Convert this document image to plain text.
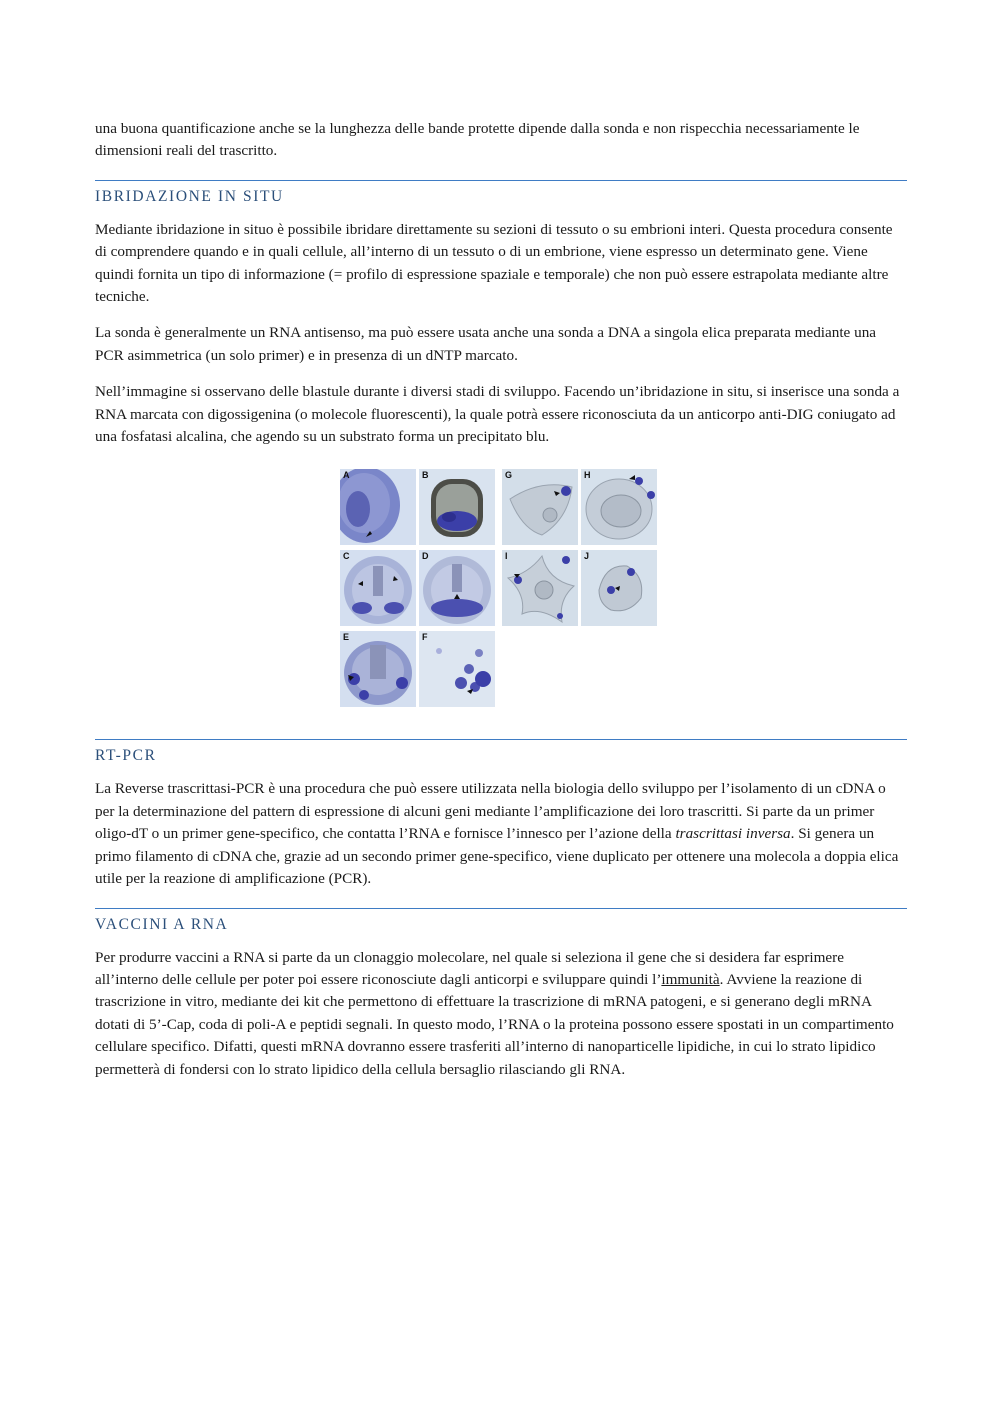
una buona quantificazione anche se la lunghezza delle bande protette dipende dalla sonda e non rispecchia necessariamente le dimensioni reali del trascritto.

IBRIDAZIONE IN SITU

Mediante ibridazione in situo è possibile ibridare direttamente su sezioni di tessuto o su embrioni interi. Questa procedura consente di comprendere quando e in quali cellule, all’interno di un tessuto o di un embrione, viene espresso un determinato gene. Viene quindi fornita un tipo di informazione (= profilo di espressione spaziale e temporale) che non può essere estrapolata mediante altre tecniche.

La sonda è generalmente un RNA antisenso, ma può essere usata anche una sonda a DNA a singola elica preparata mediante una PCR asimmetrica (un solo primer) e in presenza di un dNTP marcato.

Nell’immagine si osservano delle blastule durante i diversi stadi di sviluppo. Facendo un’ibridazione in situ, si inserisce una sonda a RNA marcata con digossigenina (o molecole fluorescenti), la quale potrà essere riconosciuta da un anticorpo anti-DIG coniugato ad una fosfatasi alcalina, che agendo su un substrato forma un precipitato blu.

A	B	G	H
C	D	I	J
E	F
RT-PCR

La Reverse trascrittasi-PCR è una procedura che può essere utilizzata nella biologia dello sviluppo per l’isolamento di un cDNA o per la determinazione del pattern di espressione di alcuni geni mediante l’amplificazione dei loro trascritti. Si parte da un primer oligo-dT o un primer gene-specifico, che contatta l’RNA e fornisce l’innesco per l’azione della trascrittasi inversa. Si genera un primo filamento di cDNA che, grazie ad un secondo primer gene-specifico, viene duplicato per ottenere una molecola a doppia elica utile per la reazione di amplificazione (PCR).

VACCINI A RNA

Per produrre vaccini a RNA si parte da un clonaggio molecolare, nel quale si seleziona il gene che si desidera far esprimere all’interno delle cellule per poter poi essere riconosciute dagli anticorpi e sviluppare quindi l’immunità. Avviene la reazione di trascrizione in vitro, mediante dei kit che permettono di effettuare la trascrizione di mRNA patogeni, e si generano degli mRNA dotati di 5’-Cap, coda di poli-A e peptidi segnali. In questo modo, l’RNA o la proteina possono essere spostati in un compartimento cellulare specifico. Difatti, questi mRNA dovranno essere trasferiti all’interno di nanoparticelle lipidiche, in cui lo strato lipidico permetterà di fondersi con lo strato lipidico della cellula bersaglio rilasciando gli RNA.
